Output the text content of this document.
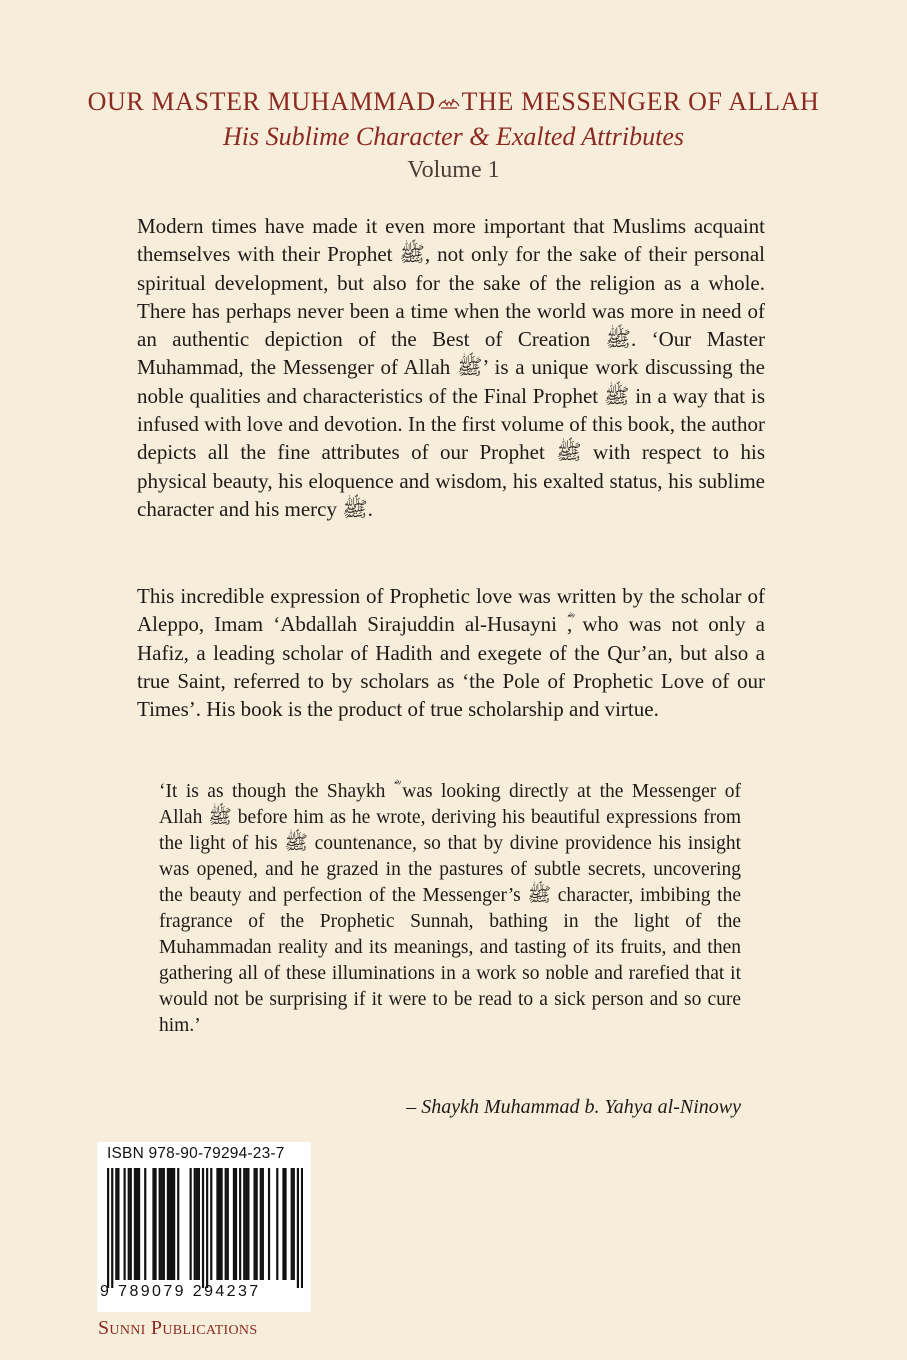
OUR MASTER MUHAMMAD THE MESSENGER OF ALLAH
His Sublime Character & Exalted Attributes
Volume 1

Modern times have made it even more important that Muslims acquaint themselves with their Prophet ﷺ, not only for the sake of their personal spiritual development, but also for the sake of the religion as a whole. There has perhaps never been a time when the world was more in need of an authentic depiction of the Best of Creation ﷺ. ‘Our Master Muhammad, the Messenger of Allah ﷺ’ is a unique work discussing the noble qualities and characteristics of the Final Prophet ﷺ in a way that is infused with love and devotion. In the first volume of this book, the author depicts all the fine attributes of our Prophet ﷺ with respect to his physical beauty, his eloquence and wisdom, his exalted status, his sublime character and his mercy ﷺ.

This incredible expression of Prophetic love was written by the scholar of Aleppo, Imam ‘Abdallah Sirajuddin al-Husayni ؓ, who was not only a Hafiz, a leading scholar of Hadith and exegete of the Qur’an, but also a true Saint, referred to by scholars as ‘the Pole of Prophetic Love of our Times’. His book is the product of true scholarship and virtue.

‘It is as though the Shaykh ؓ was looking directly at the Messenger of Allah ﷺ before him as he wrote, deriving his beautiful expressions from the light of his ﷺ countenance, so that by divine providence his insight was opened, and he grazed in the pastures of subtle secrets, uncovering the beauty and perfection of the Messenger’s ﷺ character, imbibing the fragrance of the Prophetic Sunnah, bathing in the light of the Muhammadan reality and its meanings, and tasting of its fruits, and then gathering all of these illuminations in a work so noble and rarefied that it would not be surprising if it were to be read to a sick person and so cure him.’

– Shaykh Muhammad b. Yahya al-Ninowy
ISBN 978-90-79294-23-7
9 789079 294237
Sunni Publications
